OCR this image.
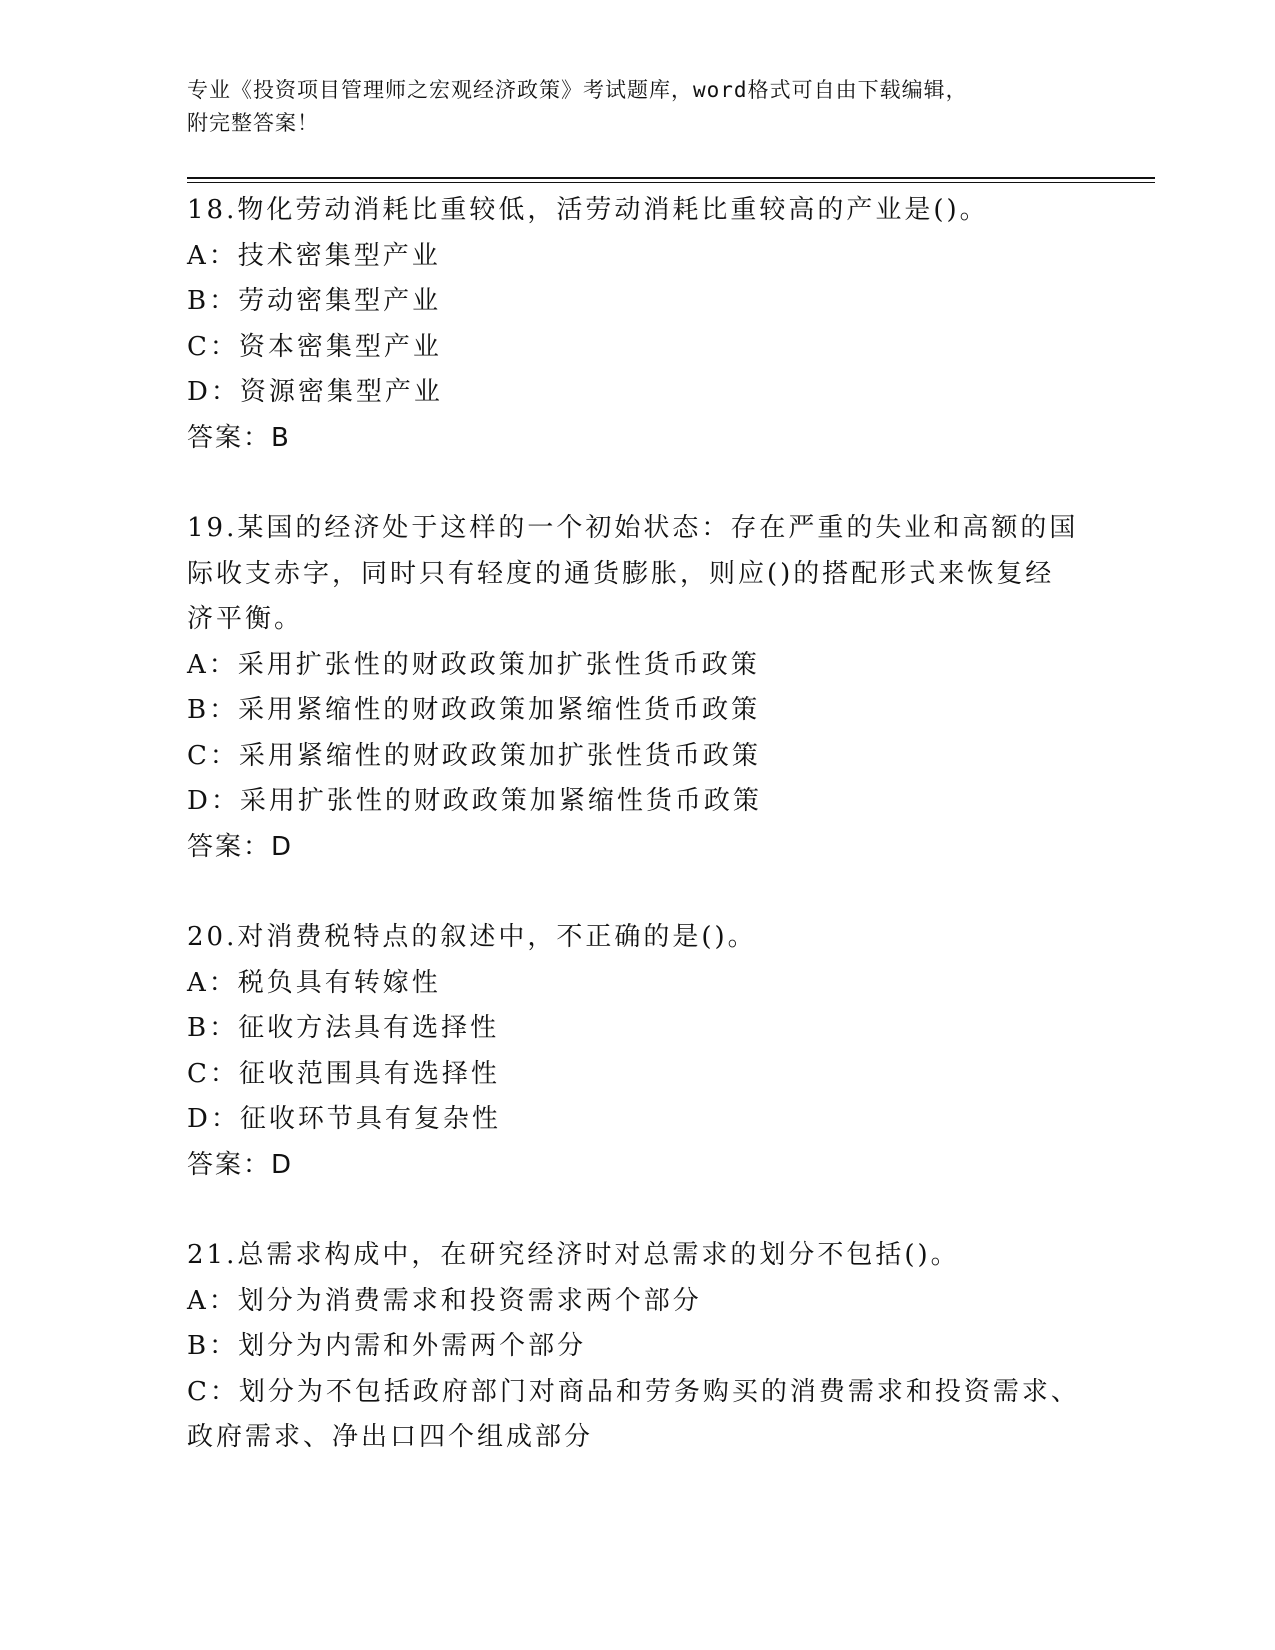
专业《投资项目管理师之宏观经济政策》考试题库，word格式可自由下载编辑，

附完整答案！

18.物化劳动消耗比重较低，活劳动消耗比重较高的产业是()。

A：技术密集型产业

B：劳动密集型产业

C：资本密集型产业

D：资源密集型产业

答案：B

19.某国的经济处于这样的一个初始状态：存在严重的失业和高额的国

际收支赤字，同时只有轻度的通货膨胀，则应()的搭配形式来恢复经

济平衡。

A：采用扩张性的财政政策加扩张性货币政策

B：采用紧缩性的财政政策加紧缩性货币政策

C：采用紧缩性的财政政策加扩张性货币政策

D：采用扩张性的财政政策加紧缩性货币政策

答案：D

20.对消费税特点的叙述中，不正确的是()。

A：税负具有转嫁性

B：征收方法具有选择性

C：征收范围具有选择性

D：征收环节具有复杂性

答案：D

21.总需求构成中，在研究经济时对总需求的划分不包括()。

A：划分为消费需求和投资需求两个部分

B：划分为内需和外需两个部分

C：划分为不包括政府部门对商品和劳务购买的消费需求和投资需求、

政府需求、净出口四个组成部分
